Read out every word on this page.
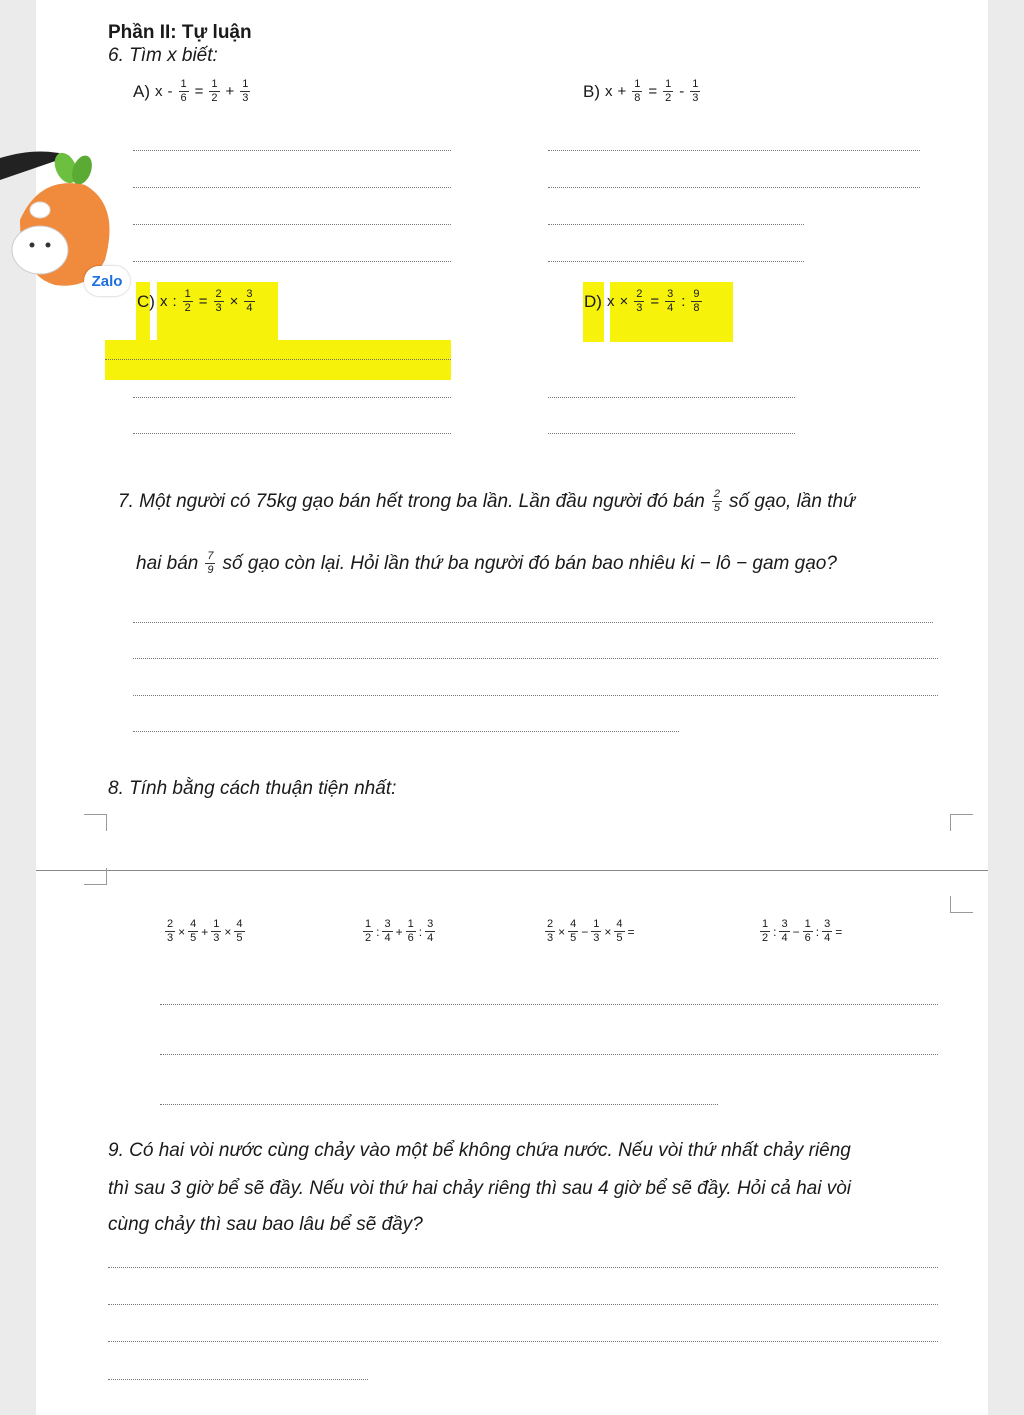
Phần II: Tự luận
6. Tìm x biết:
A) $x - \frac{1}{6} = \frac{1}{2} + \frac{1}{3}$	B) $x + \frac{1}{8} = \frac{1}{2} - \frac{1}{3}$
Zalo
C) x : $\frac{1}{2} = \frac{2}{3} \times \frac{3}{4}$	D) $x \times \frac{2}{3} = \frac{3}{4}$ : $\frac{9}{8}$
7. Một người có 75kg gạo bán hết trong ba lần. Lần đầu người đó bán $\frac{2}{5}$ số gạo, lần thứ
hai bán $\frac{7}{9}$ số gạo còn lại. Hỏi lần thứ ba người đó bán bao nhiêu ki − lô − gam gạo?
8. Tính bằng cách thuận tiện nhất:
$\frac{2}{3} \times \frac{4}{5} + \frac{1}{3} \times \frac{4}{5}$	$\frac{1}{2}$ : $\frac{3}{4} + \frac{1}{6}$ : $\frac{3}{4}$	$\frac{2}{3} \times \frac{4}{5} - \frac{1}{3} \times \frac{4}{5}$ =	$\frac{1}{2}$ : $\frac{3}{4} - \frac{1}{6}$ : $\frac{3}{4}$ =
9. Có hai vòi nước cùng chảy vào một bể không chứa nước. Nếu vòi thứ nhất chảy riêng
thì sau 3 giờ bể sẽ đầy. Nếu vòi thứ hai chảy riêng thì sau 4 giờ bể sẽ đầy. Hỏi cả hai vòi
cùng chảy thì sau bao lâu bể sẽ đầy?
